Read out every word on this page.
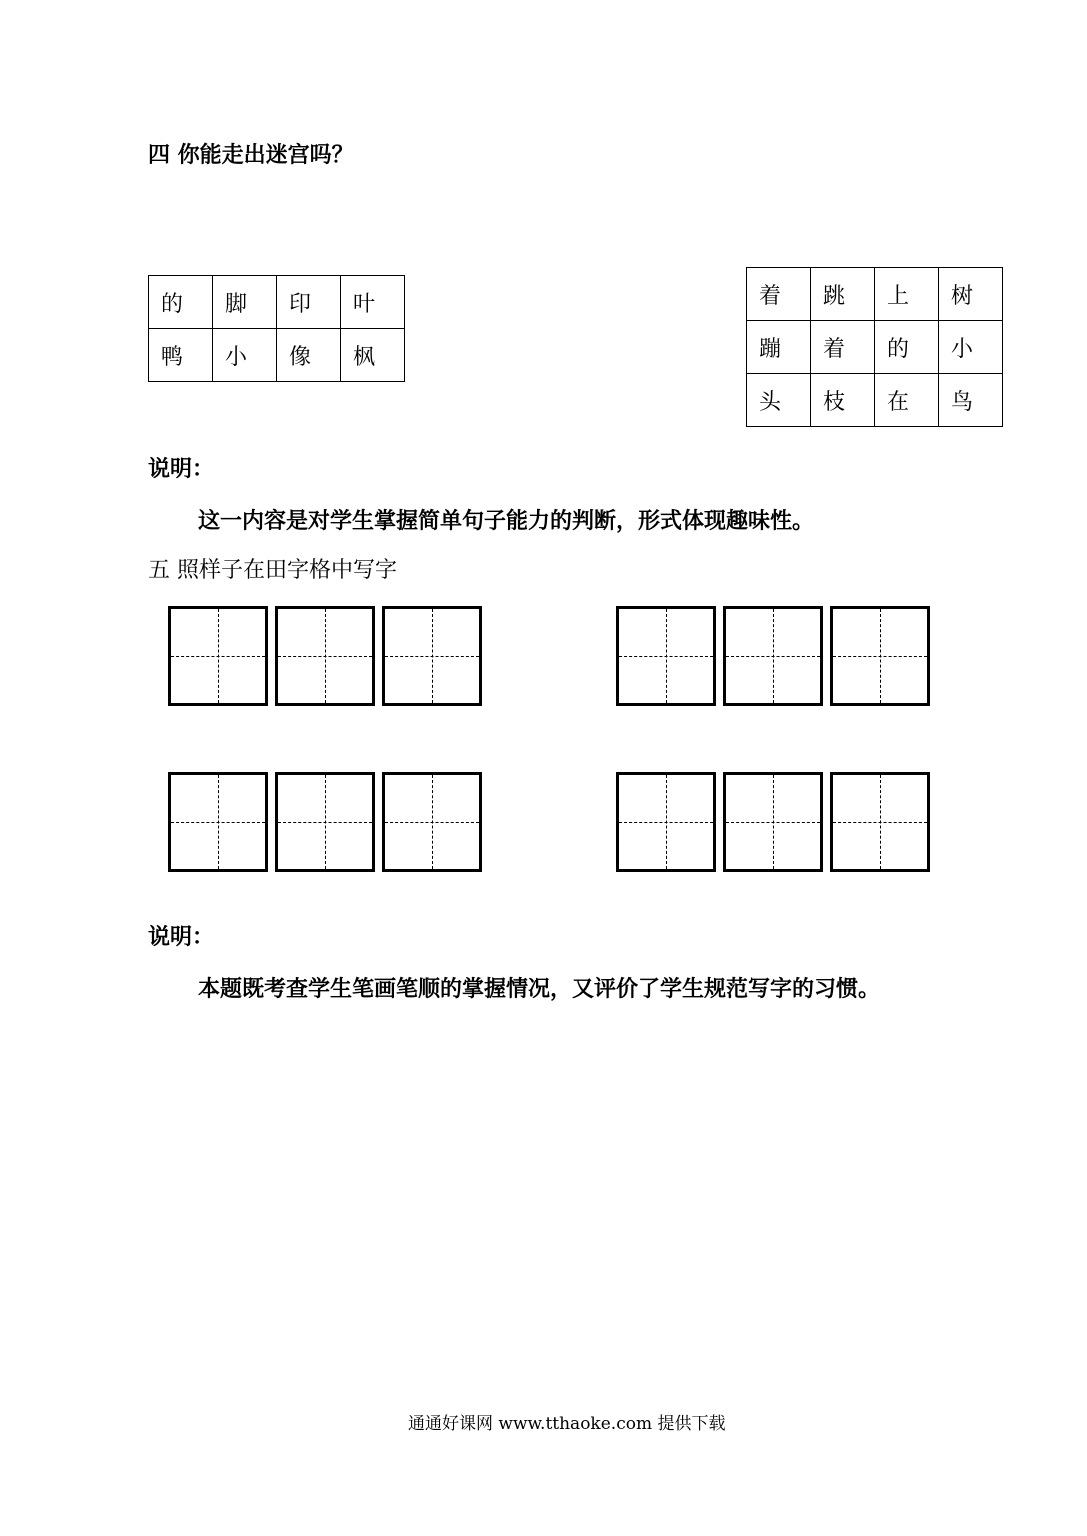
四 你能走出迷宫吗？
的	脚	印	叶
鸭	小	像	枫
着	跳	上	树
蹦	着	的	小
头	枝	在	鸟
说明：
这一内容是对学生掌握简单句子能力的判断，形式体现趣味性。
五 照样子在田字格中写字
说明：
本题既考查学生笔画笔顺的掌握情况，又评价了学生规范写字的习惯。
通通好课网 www.tthaoke.com 提供下载
